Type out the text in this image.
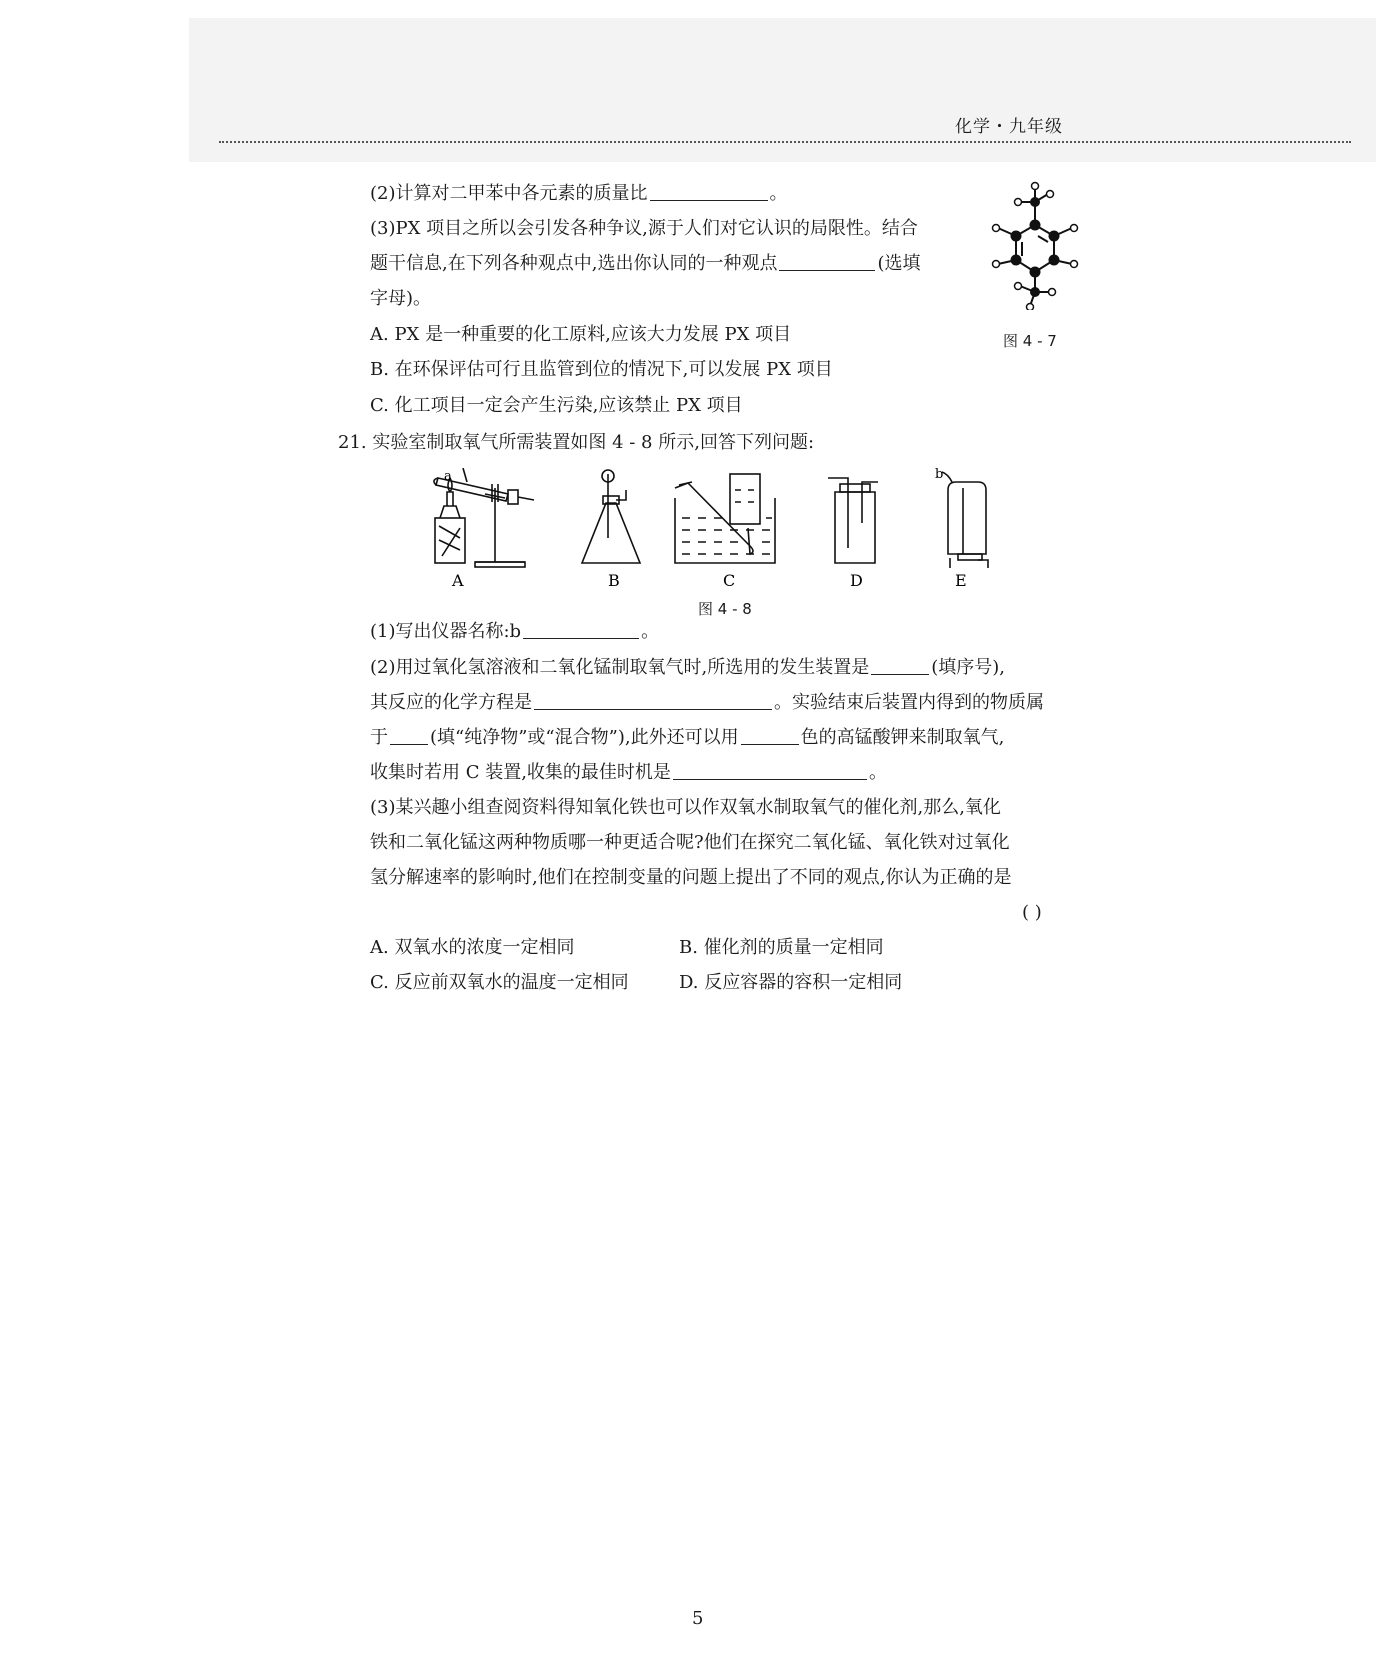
化学・九年级
(2)计算对二甲苯中各元素的质量比	。
(3)PX 项目之所以会引发各种争议,源于人们对它认识的局限性。结合
题干信息,在下列各种观点中,选出你认同的一种观点	(选填
字母)。
A. PX 是一种重要的化工原料,应该大力发展 PX 项目
B. 在环保评估可行且监管到位的情况下,可以发展 PX 项目
C. 化工项目一定会产生污染,应该禁止 PX 项目
图 4 - 7
21. 实验室制取氧气所需装置如图 4 - 8 所示,回答下列问题:
a	b
A	B	C	D	E
图 4 - 8
(1)写出仪器名称:b	。
(2)用过氧化氢溶液和二氧化锰制取氧气时,所选用的发生装置是	(填序号),
其反应的化学方程是	。实验结束后装置内得到的物质属
于 (填“纯净物”或“混合物”),此外还可以用	色的高锰酸钾来制取氧气,
收集时若用 C 装置,收集的最佳时机是	。
(3)某兴趣小组查阅资料得知氧化铁也可以作双氧水制取氧气的催化剂,那么,氧化
铁和二氧化锰这两种物质哪一种更适合呢?他们在探究二氧化锰、氧化铁对过氧化
氢分解速率的影响时,他们在控制变量的问题上提出了不同的观点,你认为正确的是
( )
A. 双氧水的浓度一定相同	B. 催化剂的质量一定相同
C. 反应前双氧水的温度一定相同	D. 反应容器的容积一定相同
5
